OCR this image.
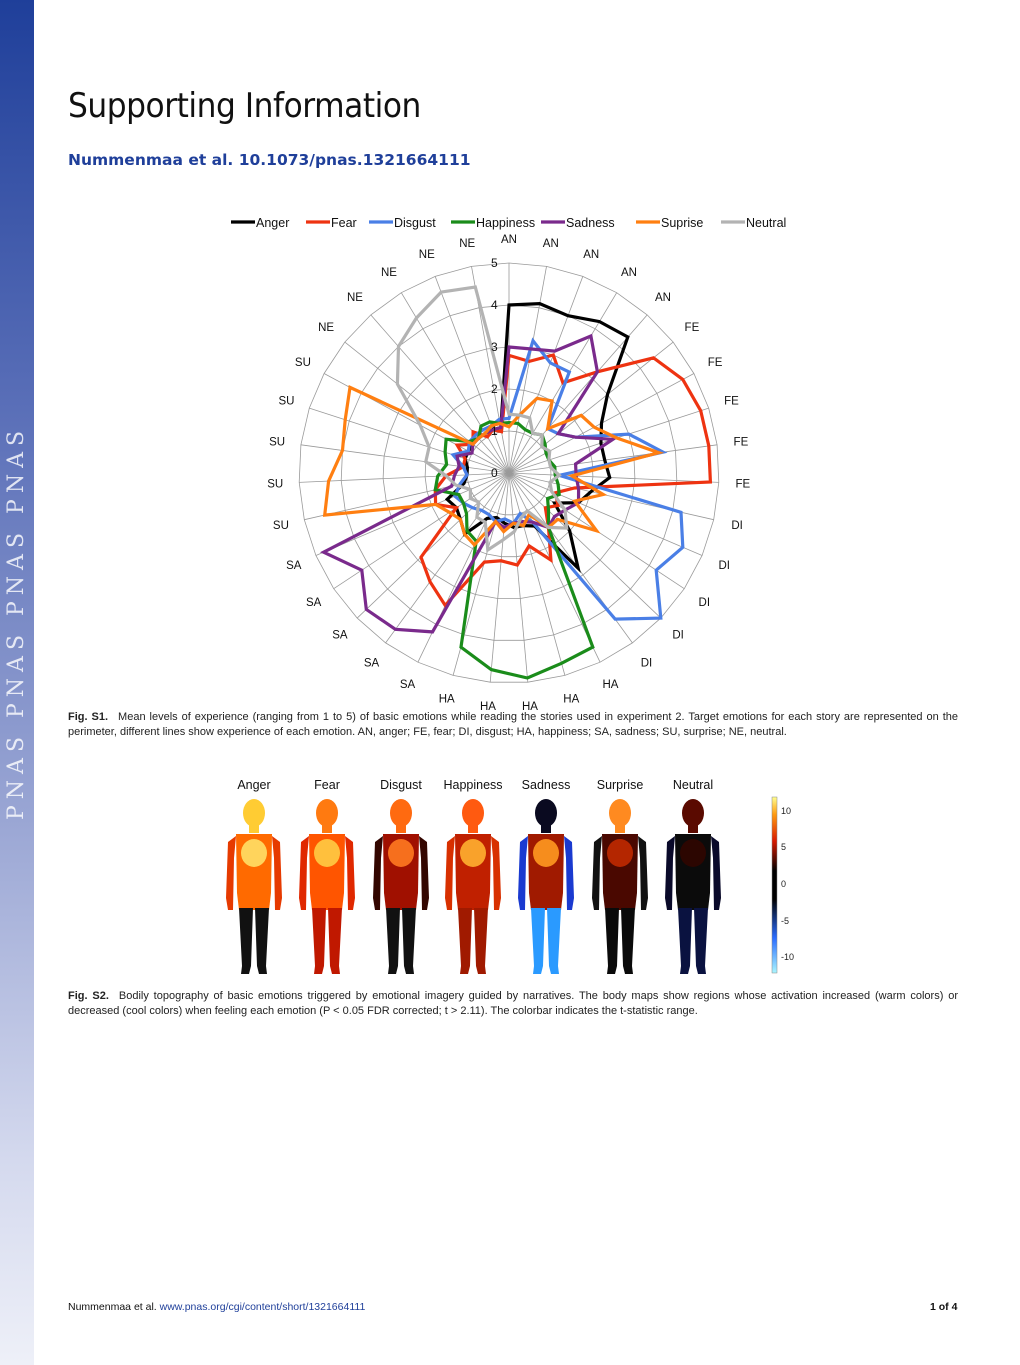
PNAS PNAS PNAS PNAS
Supporting Information
Nummenmaa et al. 10.1073/pnas.1321664111
Anger	Fear	Disgust	Happiness Sadness	Suprise	Neutral
0
1
2
3
4
5
AN AN
AN
AN
AN
FE
FE
FE
FE
FE
DI
DI
DI
DI
DI
HA
HA
HA
HA
HA
SA
SA
SA
SA
SA
SU
SU
SU
SU
SU
NE
NE
NE
NE
NE
Fig. S1. Mean levels of experience (ranging from 1 to 5) of basic emotions while reading the stories used in experiment 2. Target emotions for each story are represented on the perimeter, different lines show experience of each emotion. AN, anger; FE, fear; DI, disgust; HA, happiness; SA, sadness; SU, surprise; NE, neutral.
Anger	Fear	Disgust Happiness Sadness Surprise Neutral
10
5
0
-5
-10
Fig. S2. Bodily topography of basic emotions triggered by emotional imagery guided by narratives. The body maps show regions whose activation increased (warm colors) or decreased (cool colors) when feeling each emotion (P < 0.05 FDR corrected; t > 2.11). The colorbar indicates the t-statistic range.
Nummenmaa et al. www.pnas.org/cgi/content/short/1321664111	1 of 4
